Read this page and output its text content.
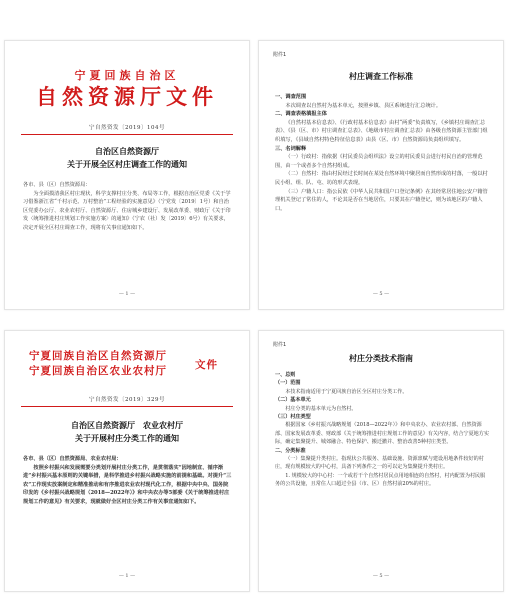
宁夏回族自治区
自然资源厅文件
宁自然资发〔2019〕104号
自治区自然资源厅
关于开展全区村庄调查工作的通知

各市、县（区）自然资源局：

为全面摸清我区村庄现状，科学支撑村庄分类、布局等工作，根据自治区党委《关于学习借鉴浙江省“千村示范、万村整治”工程经验的实施意见》（宁党发〔2019〕1号）和自治区党委办公厅、农业农村厅、自然资源厅、住房城乡建设厅、发展改革委、财政厅《关于印发〈统筹推进村庄规划工作实施方案〉的通知》（宁农（社）发〔2019〕6号）有关要求，决定开展全区村庄调查工作，现将有关事宜通知如下。

— 1 —
附件1
村庄调查工作标准

一、调查范围

本次调查以自然村为基本单元，按照乡镇、县区系统进行汇总统计。

二、调查表格填报主体

《自然村基本信息表》、《行政村基本信息表》由村“两委”负责填写，《乡镇村庄调查汇总表》、《县（区、市）村庄调查汇总表》、《地级市村庄调查汇总表》由各级自然资源主管部门组织填写，《县域自然村特色特征信息表》由县（区、市）自然资源局负责组织填写。

三、名词解释

（一）行政村：指依据《村民委员会组织法》设立的村民委员会进行村民自治的管理范围，由一个或者多个自然村组成。

（二）自然村：指由村民经过长时间在某处自然环境中聚居而自然形成的村落，一般以村民小组、组、队、屯、坊的形式表现。

（三）户籍人口：指公民依《中华人民共和国户口登记条例》在其经常居住地公安户籍管理机关登记了常住的人，不论其是否在当地居住，只要其在户籍登记，则为该地区的户籍人口。

— 5 —
宁夏回族自治区自然资源厅
宁夏回族自治区农业农村厅	文件
宁自然资发〔2019〕329号
自治区自然资源厅　农业农村厅
关于开展村庄分类工作的通知

各市、县（区）自然资源局、农业农村局：

按照乡村振兴和发展需要分类划开展村庄分类工作，是贯彻落实“因地制宜、循序渐进”乡村振兴基本原则的关键举措，是科学推进乡村振兴战略实施的前提和基础。对提升“三农”工作现实放案制定和精准推动和有序推进农业农村现代化工作，根据中央中央、国务院印发的《乡村振兴战略规划（2018—2022年）》和中央农办等5部委《关于统筹推进村庄规划工作的意见》有关要求，现就做好全区村庄分类工作有关事宜通知如下。

— 1 —
附件1
村庄分类技术指南

一、总则

（一）范围

本技术指南适用于宁夏回族自治区全区村庄分类工作。

（二）基本单元

村庄分类的基本单元为自然村。

（三）村庄类型

根据国家《乡村振兴战略规划（2018—2022年）》和中央农办、农业农村部、自然资源部、国家发展改革委、财政部《关于统筹推进村庄规划工作的意见》有关内容，结合宁夏地方实际，确定集聚提升、城郊融合、特色保护、搬迁撤并、整治改善5种村庄类型。

二、分类标准

（一）集聚提升类村庄。指现状公共服务、基础设施、资源禀赋与建设用地条件较好的村庄，现有规模较大的中心村，具备下列条件之一的可以定为集聚提升类村庄。

1. 规模较大的中心村：一个或若干个自然村居民点用地相连的自然村，村内配置为村民服务的公共设施，且常住人口超过全县（市、区）自然村前20%的村庄。

— 5 —
